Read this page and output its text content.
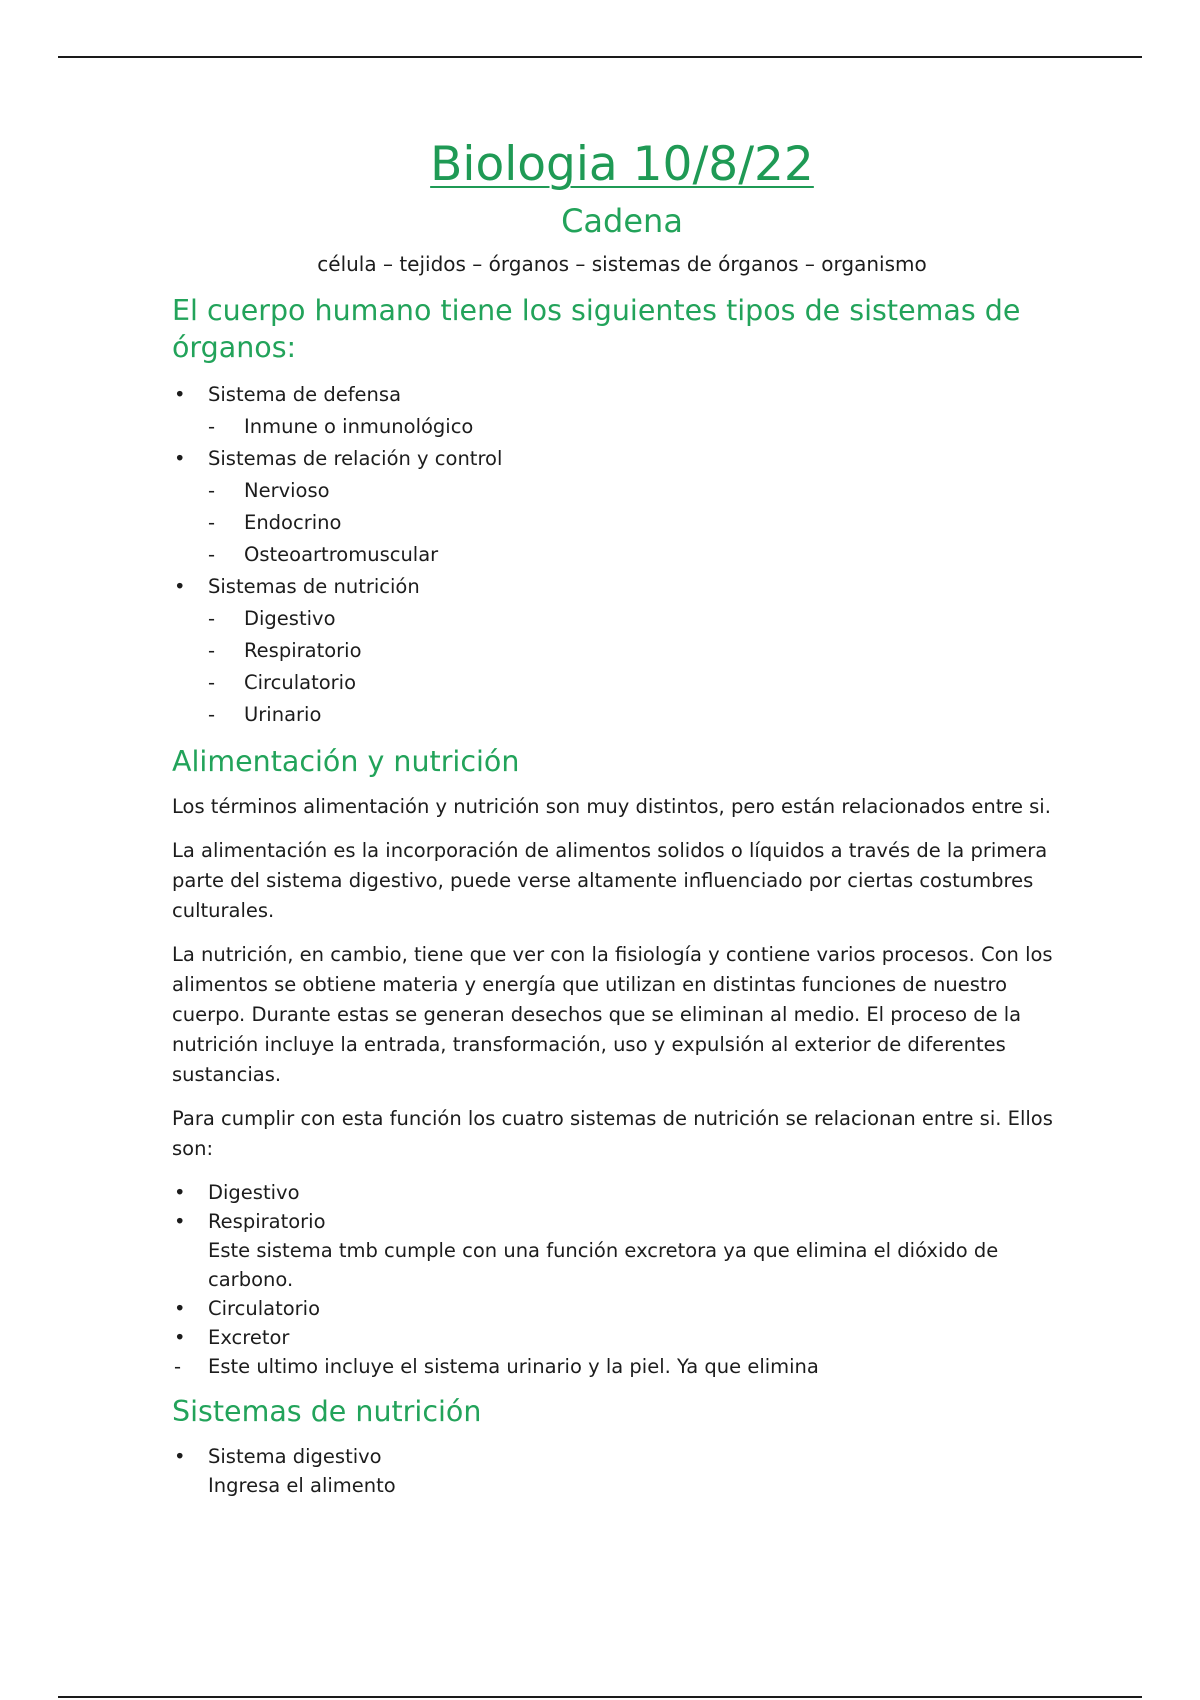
Biologia 10/8/22
Cadena
célula – tejidos – órganos – sistemas de órganos – organismo
El cuerpo humano tiene los siguientes tipos de sistemas de órganos:
• Sistema de defensa
- Inmune o inmunológico
• Sistemas de relación y control
- Nervioso
- Endocrino
- Osteoartromuscular
• Sistemas de nutrición
- Digestivo
- Respiratorio
- Circulatorio
- Urinario
Alimentación y nutrición

Los términos alimentación y nutrición son muy distintos, pero están relacionados entre si.

La alimentación es la incorporación de alimentos solidos o líquidos a través de la primera parte del sistema digestivo, puede verse altamente influenciado por ciertas costumbres culturales.

La nutrición, en cambio, tiene que ver con la fisiología y contiene varios procesos. Con los alimentos se obtiene materia y energía que utilizan en distintas funciones de nuestro cuerpo. Durante estas se generan desechos que se eliminan al medio. El proceso de la nutrición incluye la entrada, transformación, uso y expulsión al exterior de diferentes sustancias.

Para cumplir con esta función los cuatro sistemas de nutrición se relacionan entre si. Ellos son:

• Digestivo
• Respiratorio
Este sistema tmb cumple con una función excretora ya que elimina el dióxido de carbono.
• Circulatorio
• Excretor
- Este ultimo incluye el sistema urinario y la piel. Ya que elimina
Sistemas de nutrición
• Sistema digestivo
Ingresa el alimento
